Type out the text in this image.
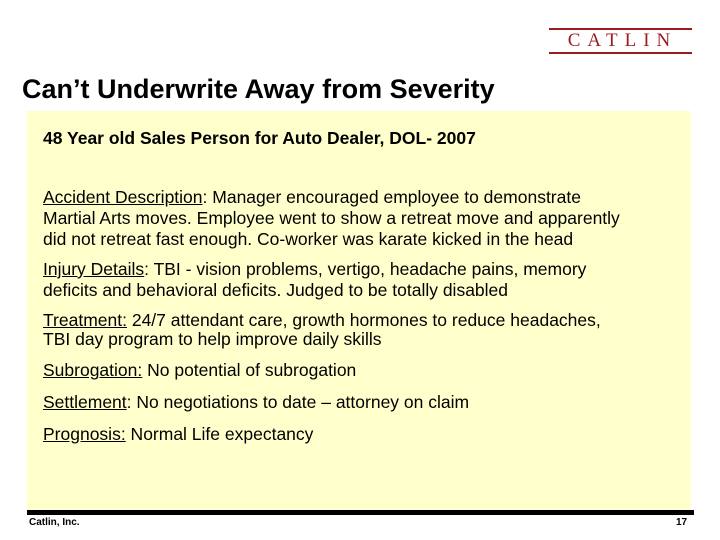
CATLIN
Can’t Underwrite Away from Severity

48 Year old Sales Person for Auto Dealer, DOL- 2007

Accident Description: Manager encouraged employee to demonstrate

Martial Arts moves. Employee went to show a retreat move and apparently

did not retreat fast enough. Co-worker was karate kicked in the head

Injury Details: TBI - vision problems, vertigo, headache pains, memory

deficits and behavioral deficits. Judged to be totally disabled

Treatment: 24/7 attendant care, growth hormones to reduce headaches,

TBI day program to help improve daily skills

Subrogation: No potential of subrogation

Settlement: No negotiations to date – attorney on claim

Prognosis: Normal Life expectancy

Catlin, Inc.	17
